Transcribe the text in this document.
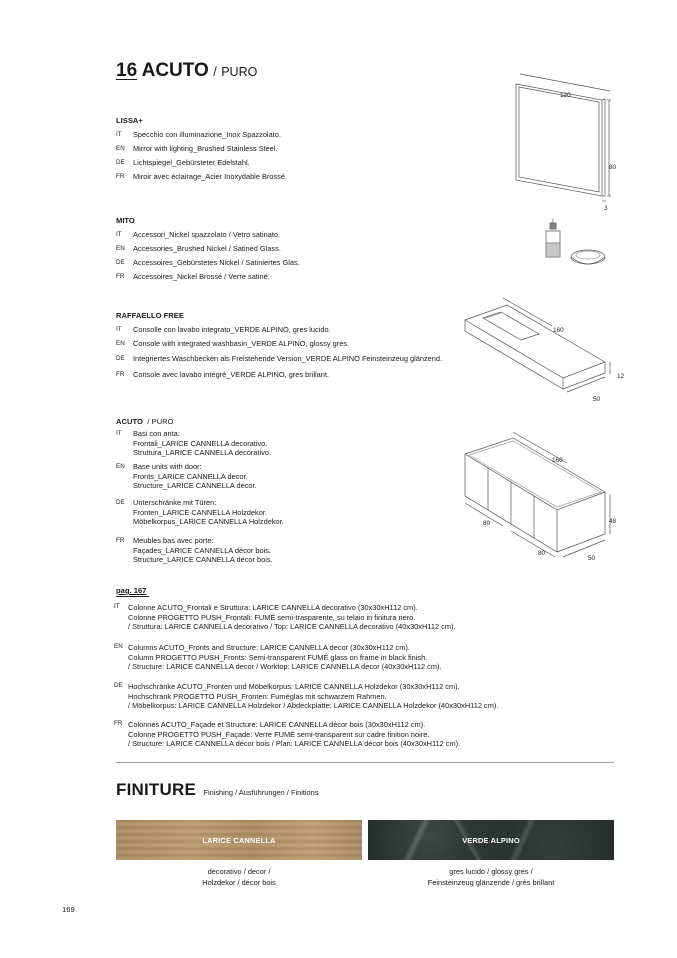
16 ACUTO / PURO
LISSA+
IT Specchio con illuminazione_Inox Spazzolato.
EN Mirror with lighting_Brushed Stainless Steel.
DE Lichtspiegel_Gebürsteter Edelstahl.
FR Miroir avec éclairage_Acier Inoxydable Brossé.
120
80
3
MITO
IT Accessori_Nickel spazzolato / Vetro satinato.
EN Accessories_Brushed Nickel / Satined Glass.
DE Accessoires_Gebürstetes Nickel / Satiniertes Glas.
FR Accessoires_Nickel Brossé / Verre satiné.
RAFFAELLO FREE
IT Consolle con lavabo integrato_VERDE ALPINO, gres lucido.
EN Console with integrated washbasin_VERDE ALPINO, glossy gres.
DE Integriertes Waschbecken als Freistehende Version_VERDE ALPINO Feinsteinzeug glänzend.
FR Console avec lavabo intégré_VERDE ALPINO, gres brillant.
160
12
50
ACUTO / PURO
IT Basi con anta:
Frontali_LARICE CANNELLA decorativo.
Struttura_LARICE CANNELLA decorativo.
EN Base units with door:
Fronts_LARICE CANNELLA decor.
Structure_LARICE CANNELLA decor.
DE Unterschränke mit Türen:
Fronten_LARICE CANNELLA Holzdekor.
Möbelkorpus_LARICE CANNELLA Holzdekor.
FR Meubles bas avec porte:
Façades_LARICE CANNELLA décor bois.
Structure_LARICE CANNELLA décor bois.
160
48
80
80
50
pag. 167
IT Colonne ACUTO_Frontali e Struttura: LARICE CANNELLA decorativo (30x30xH112 cm).
Colonne PROGETTO PUSH_Frontali: FUMÉ semi-trasparente, su telaio in finitura nero.
/ Struttura: LARICE CANNELLA decorativo / Top: LARICE CANNELLA decorativo (40x30xH112 cm).
EN Columns ACUTO_Fronts and Structure: LARICE CANNELLA decor (30x30xH112 cm).
Column PROGETTO PUSH_Fronts: Semi-transparent FUMÉ glass on frame in black finish.
/ Structure: LARICE CANNELLA decor / Worktop: LARICE CANNELLA decor (40x30xH112 cm).
DE Hochschränke ACUTO_Fronten und Möbelkorpus: LARICE CANNELLA Holzdekor (30x30xH112 cm).
Hochschrank PROGETTO PUSH_Fronten: Fuméglas mit schwarzem Rahmen.
/ Möbelkorpus: LARICE CANNELLA Holzdekor / Abdeckplatte: LARICE CANNELLA Holzdekor (40x30xH112 cm).
FR Colonnes ACUTO_Façade et Structure: LARICE CANNELLA décor bois (30x30xH112 cm).
Colonne PROGETTO PUSH_Façade: Verre FUMÉ semi-transparent sur cadre finition noire.
/ Structure: LARICE CANNELLA décor bois / Plan: LARICE CANNELLA décor bois (40x30xH112 cm).
FINITURE Finishing / Ausführungen / Finitions
LARICE CANNELLA	VERDE ALPINO
decorativo / decor /
Holzdekor / décor bois
gres lucido / glossy gres /
Feinsteinzeug glänzende / grès brillant
169
